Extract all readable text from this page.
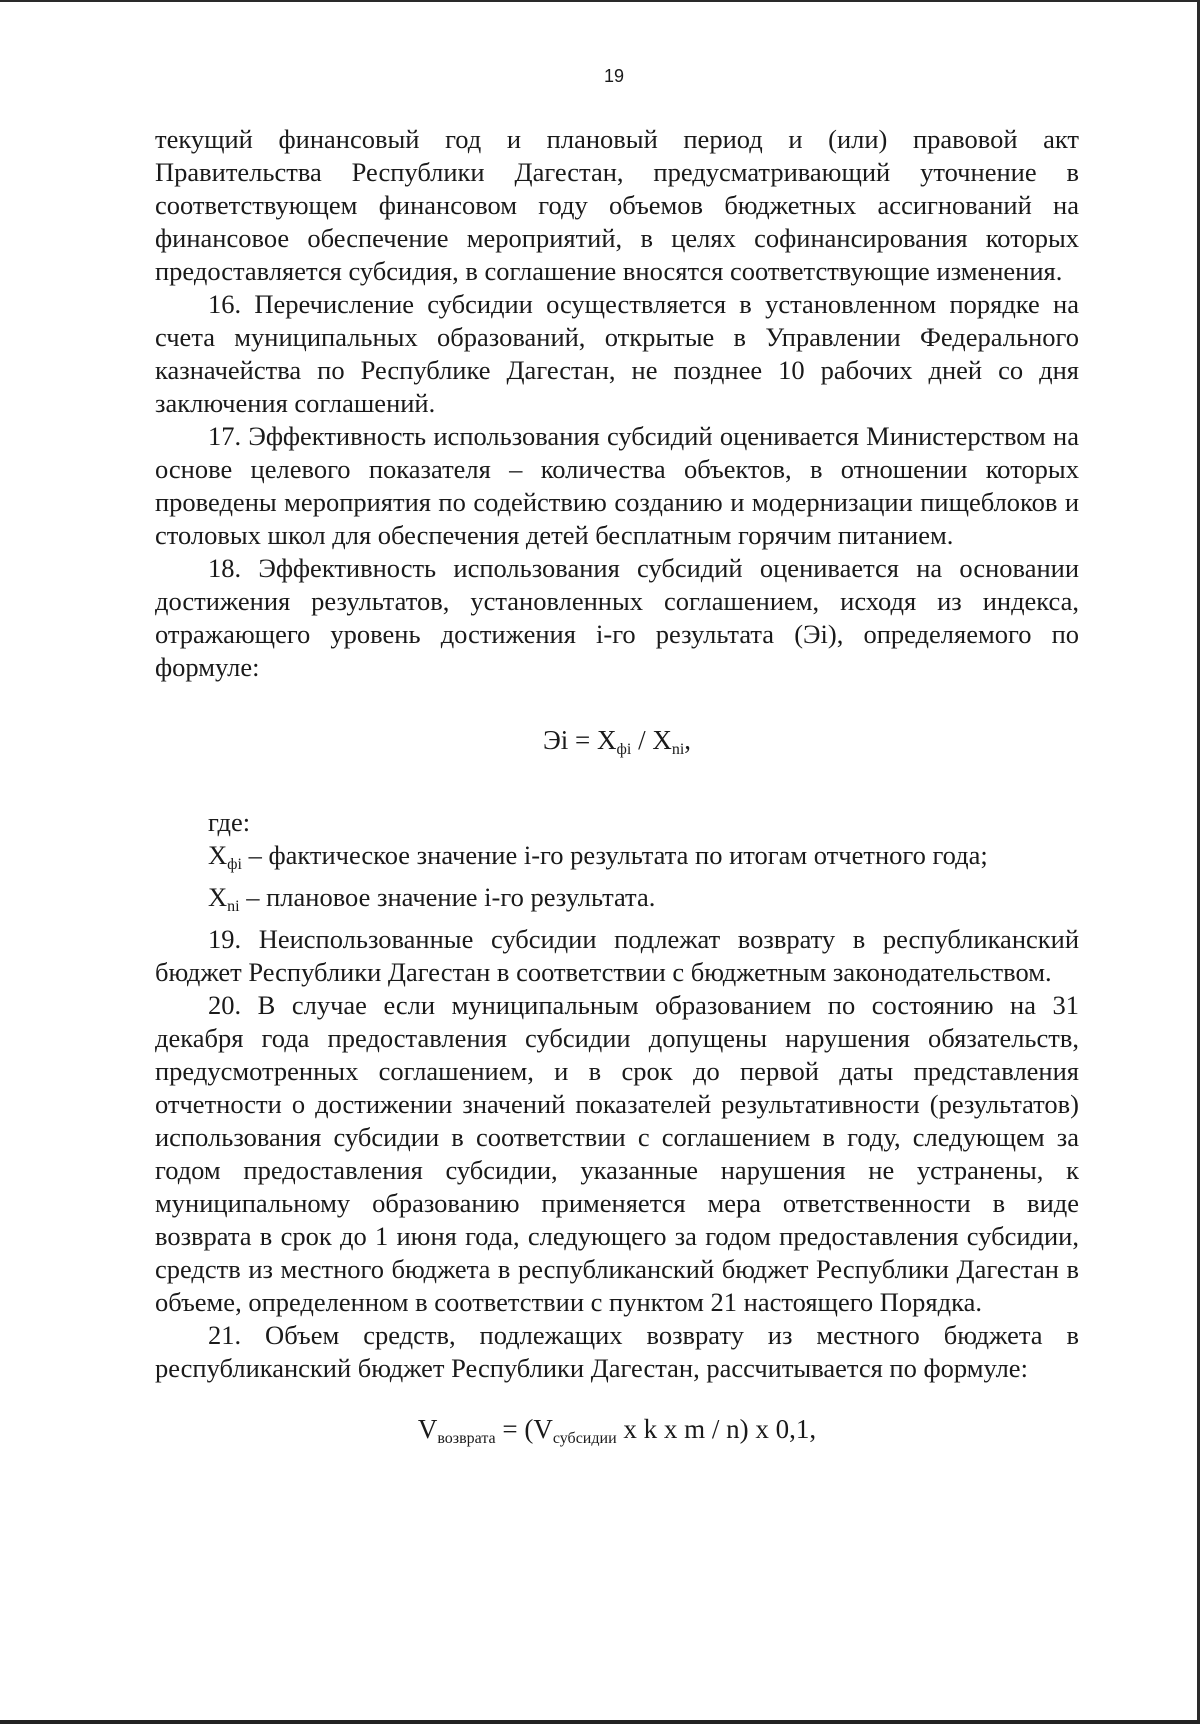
19

текущий финансовый год и плановый период и (или) правовой акт Правительства Республики Дагестан, предусматривающий уточнение в соответствующем финансовом году объемов бюджетных ассигнований на финансовое обеспечение мероприятий, в целях софинансирования которых предоставляется субсидия, в соглашение вносятся соответствующие изменения.

16. Перечисление субсидии осуществляется в установленном порядке на счета муниципальных образований, открытые в Управлении Федерального казначейства по Республике Дагестан, не позднее 10 рабочих дней со дня заключения соглашений.

17. Эффективность использования субсидий оценивается Министерством на основе целевого показателя – количества объектов, в отношении которых проведены мероприятия по содействию созданию и модернизации пищеблоков и столовых школ для обеспечения детей бесплатным горячим питанием.

18. Эффективность использования субсидий оценивается на основании достижения результатов, установленных соглашением, исходя из индекса, отражающего уровень достижения i-го результата (Эi), определяемого по формуле:

Эi = $Х_{фi} / Х_{ni}$,

где:

$Х_{фi}$ – фактическое значение i-го результата по итогам отчетного года;

$Х_{ni}$ – плановое значение i-го результата.

19. Неиспользованные субсидии подлежат возврату в республиканский бюджет Республики Дагестан в соответствии с бюджетным законодательством.

20. В случае если муниципальным образованием по состоянию на 31 декабря года предоставления субсидии допущены нарушения обязательств, предусмотренных соглашением, и в срок до первой даты представления отчетности о достижении значений показателей результативности (результатов) использования субсидии в соответствии с соглашением в году, следующем за годом предоставления субсидии, указанные нарушения не устранены, к муниципальному образованию применяется мера ответственности в виде возврата в срок до 1 июня года, следующего за годом предоставления субсидии, средств из местного бюджета в республиканский бюджет Республики Дагестан в объеме, определенном в соответствии с пунктом 21 настоящего Порядка.

21. Объем средств, подлежащих возврату из местного бюджета в республиканский бюджет Республики Дагестан, рассчитывается по формуле:

$V_{возврата} = (V_{субсидии}$ х k х m / n) х 0,1,
